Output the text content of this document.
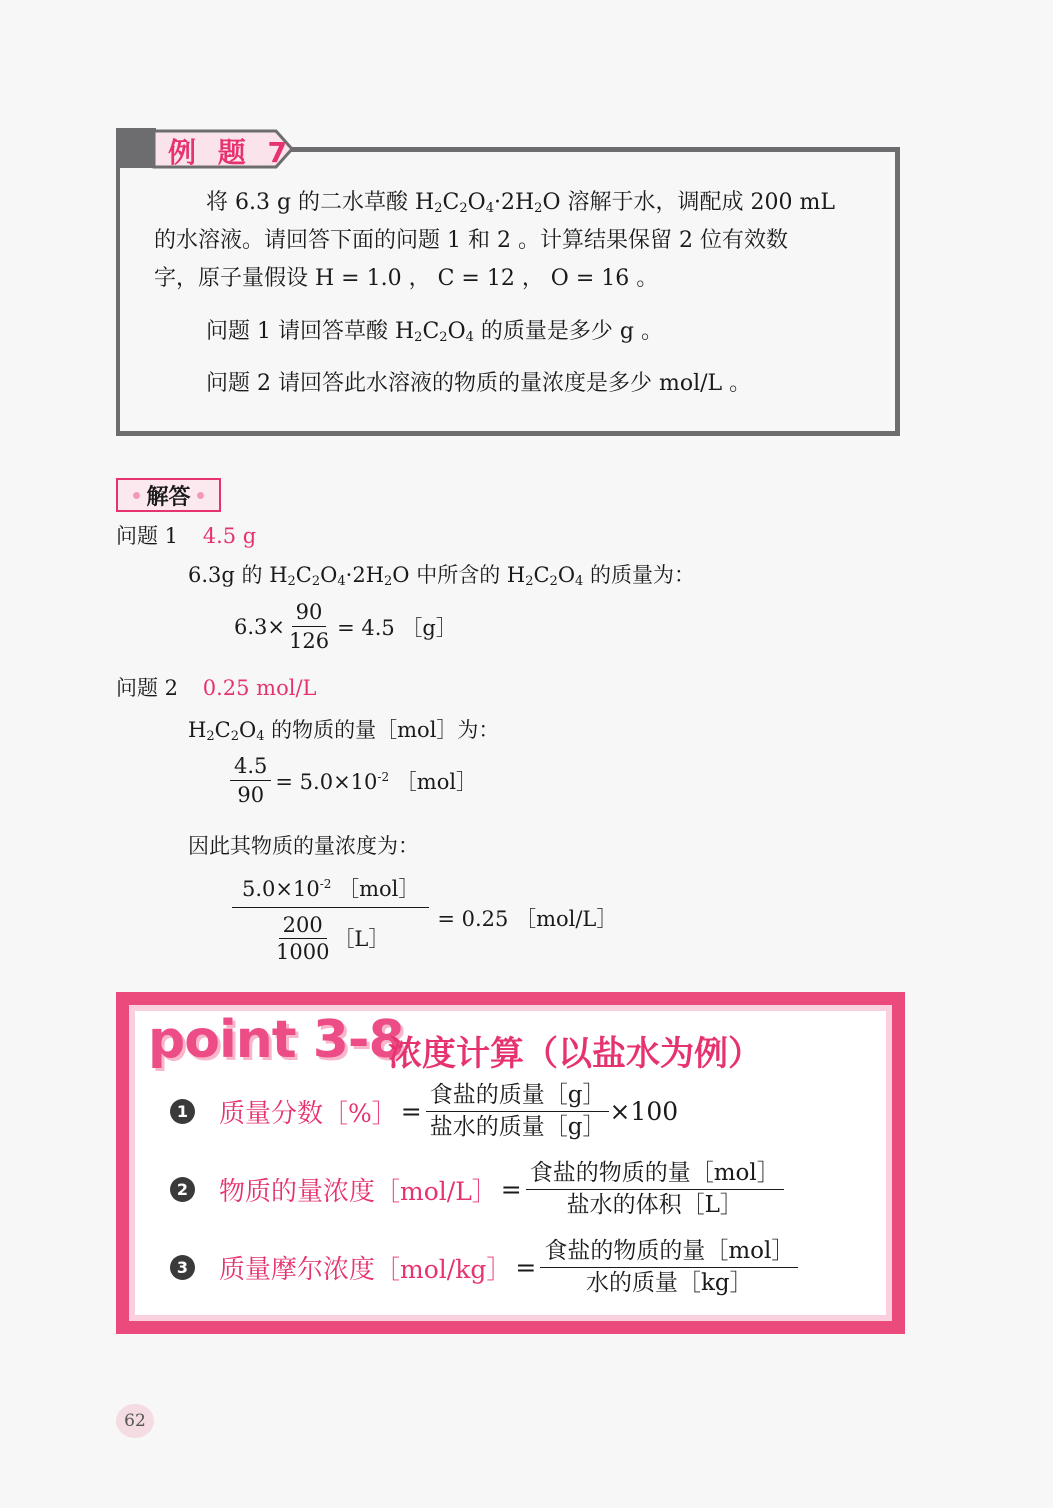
例 题 7
将 6.3 g 的二水草酸 $H_2C_2O_4\cdot 2H_2O$ 溶解于水，调配成 200 mL
的水溶液。请回答下面的问题 1 和 2 。计算结果保留 2 位有效数
字，原子量假设 H = 1.0 ， C = 12 ， O = 16 。
问题 1 请回答草酸 $H_2C_2O_4$ 的质量是多少 g 。
问题 2 请回答此水溶液的物质的量浓度是多少 mol/L 。
解答
问题 1 4.5 g
6.3g 的 $H_2C_2O_4\cdot 2H_2O$ 中所含的 $H_2C_2O_4$ 的质量为：
$6.3\times \frac{90}{126} = 4.5$ ［g］
问题 2 0.25 mol/L
$H_2C_2O_4$ 的物质的量［mol］为：
$\frac{4.5}{90} = 5.0\times 10^{-2}$ ［mol］
因此其物质的量浓度为：
$\frac{5.0\times 10^{-2} [mol]}{\frac{200}{1000} [L]} = 0.25$ ［mol/L］
point 3-8
浓度计算（以盐水为例）
1 质量分数 ［%］ = $\frac{\text{食盐的质量［g］}}{\text{盐水的质量［g］}} \times 100$
2 物质的量浓度 ［mol/L］ = $\frac{\text{食盐的物质的量［mol］}}{\text{盐水的体积［L］}}$
3 质量摩尔浓度 ［mol/kg］ = $\frac{\text{食盐的物质的量［mol］}}{\text{水的质量［kg］}}$
62
